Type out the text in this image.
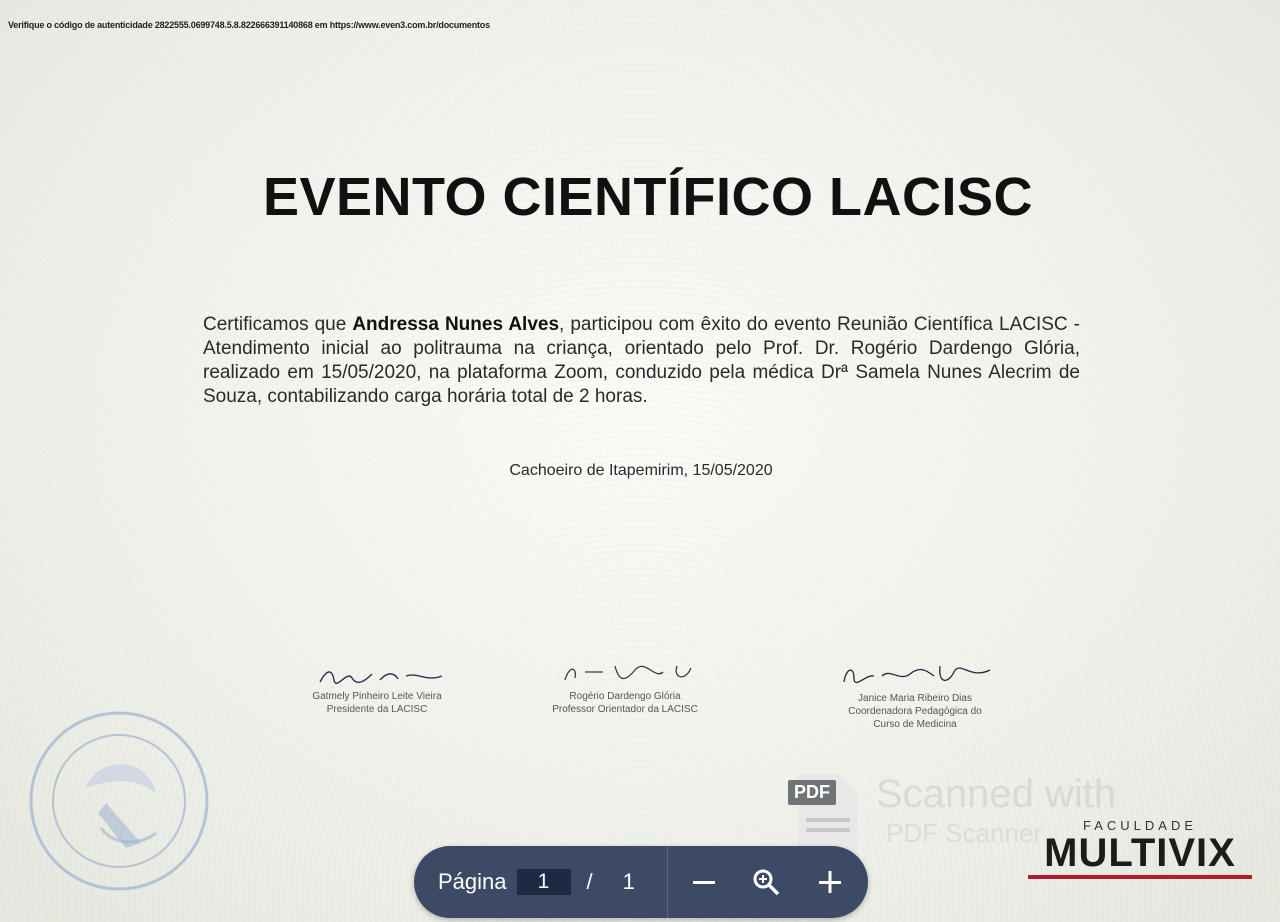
Verifique o código de autenticidade 2822555.0699748.5.8.822666391140868 em https://www.even3.com.br/documentos
EVENTO CIENTÍFICO LACISC
Certificamos que Andressa Nunes Alves, participou com êxito do evento Reunião Científica LACISC - Atendimento inicial ao politrauma na criança, orientado pelo Prof. Dr. Rogério Dardengo Glória, realizado em 15/05/2020, na plataforma Zoom, conduzido pela médica Drª Samela Nunes Alecrim de Souza, contabilizando carga horária total de 2 horas.
Cachoeiro de Itapemirim, 15/05/2020
Gatmely Pinheiro Leite Vieira
Presidente da LACISC
Rogério Dardengo Glória
Professor Orientador da LACISC
Janice Maria Ribeiro Dias
Coordenadora Pedagógica do
Curso de Medicina
PDF Scanned with
PDF Scanner	FACULDADE
MULTIVIX
Página	1	/ 1
